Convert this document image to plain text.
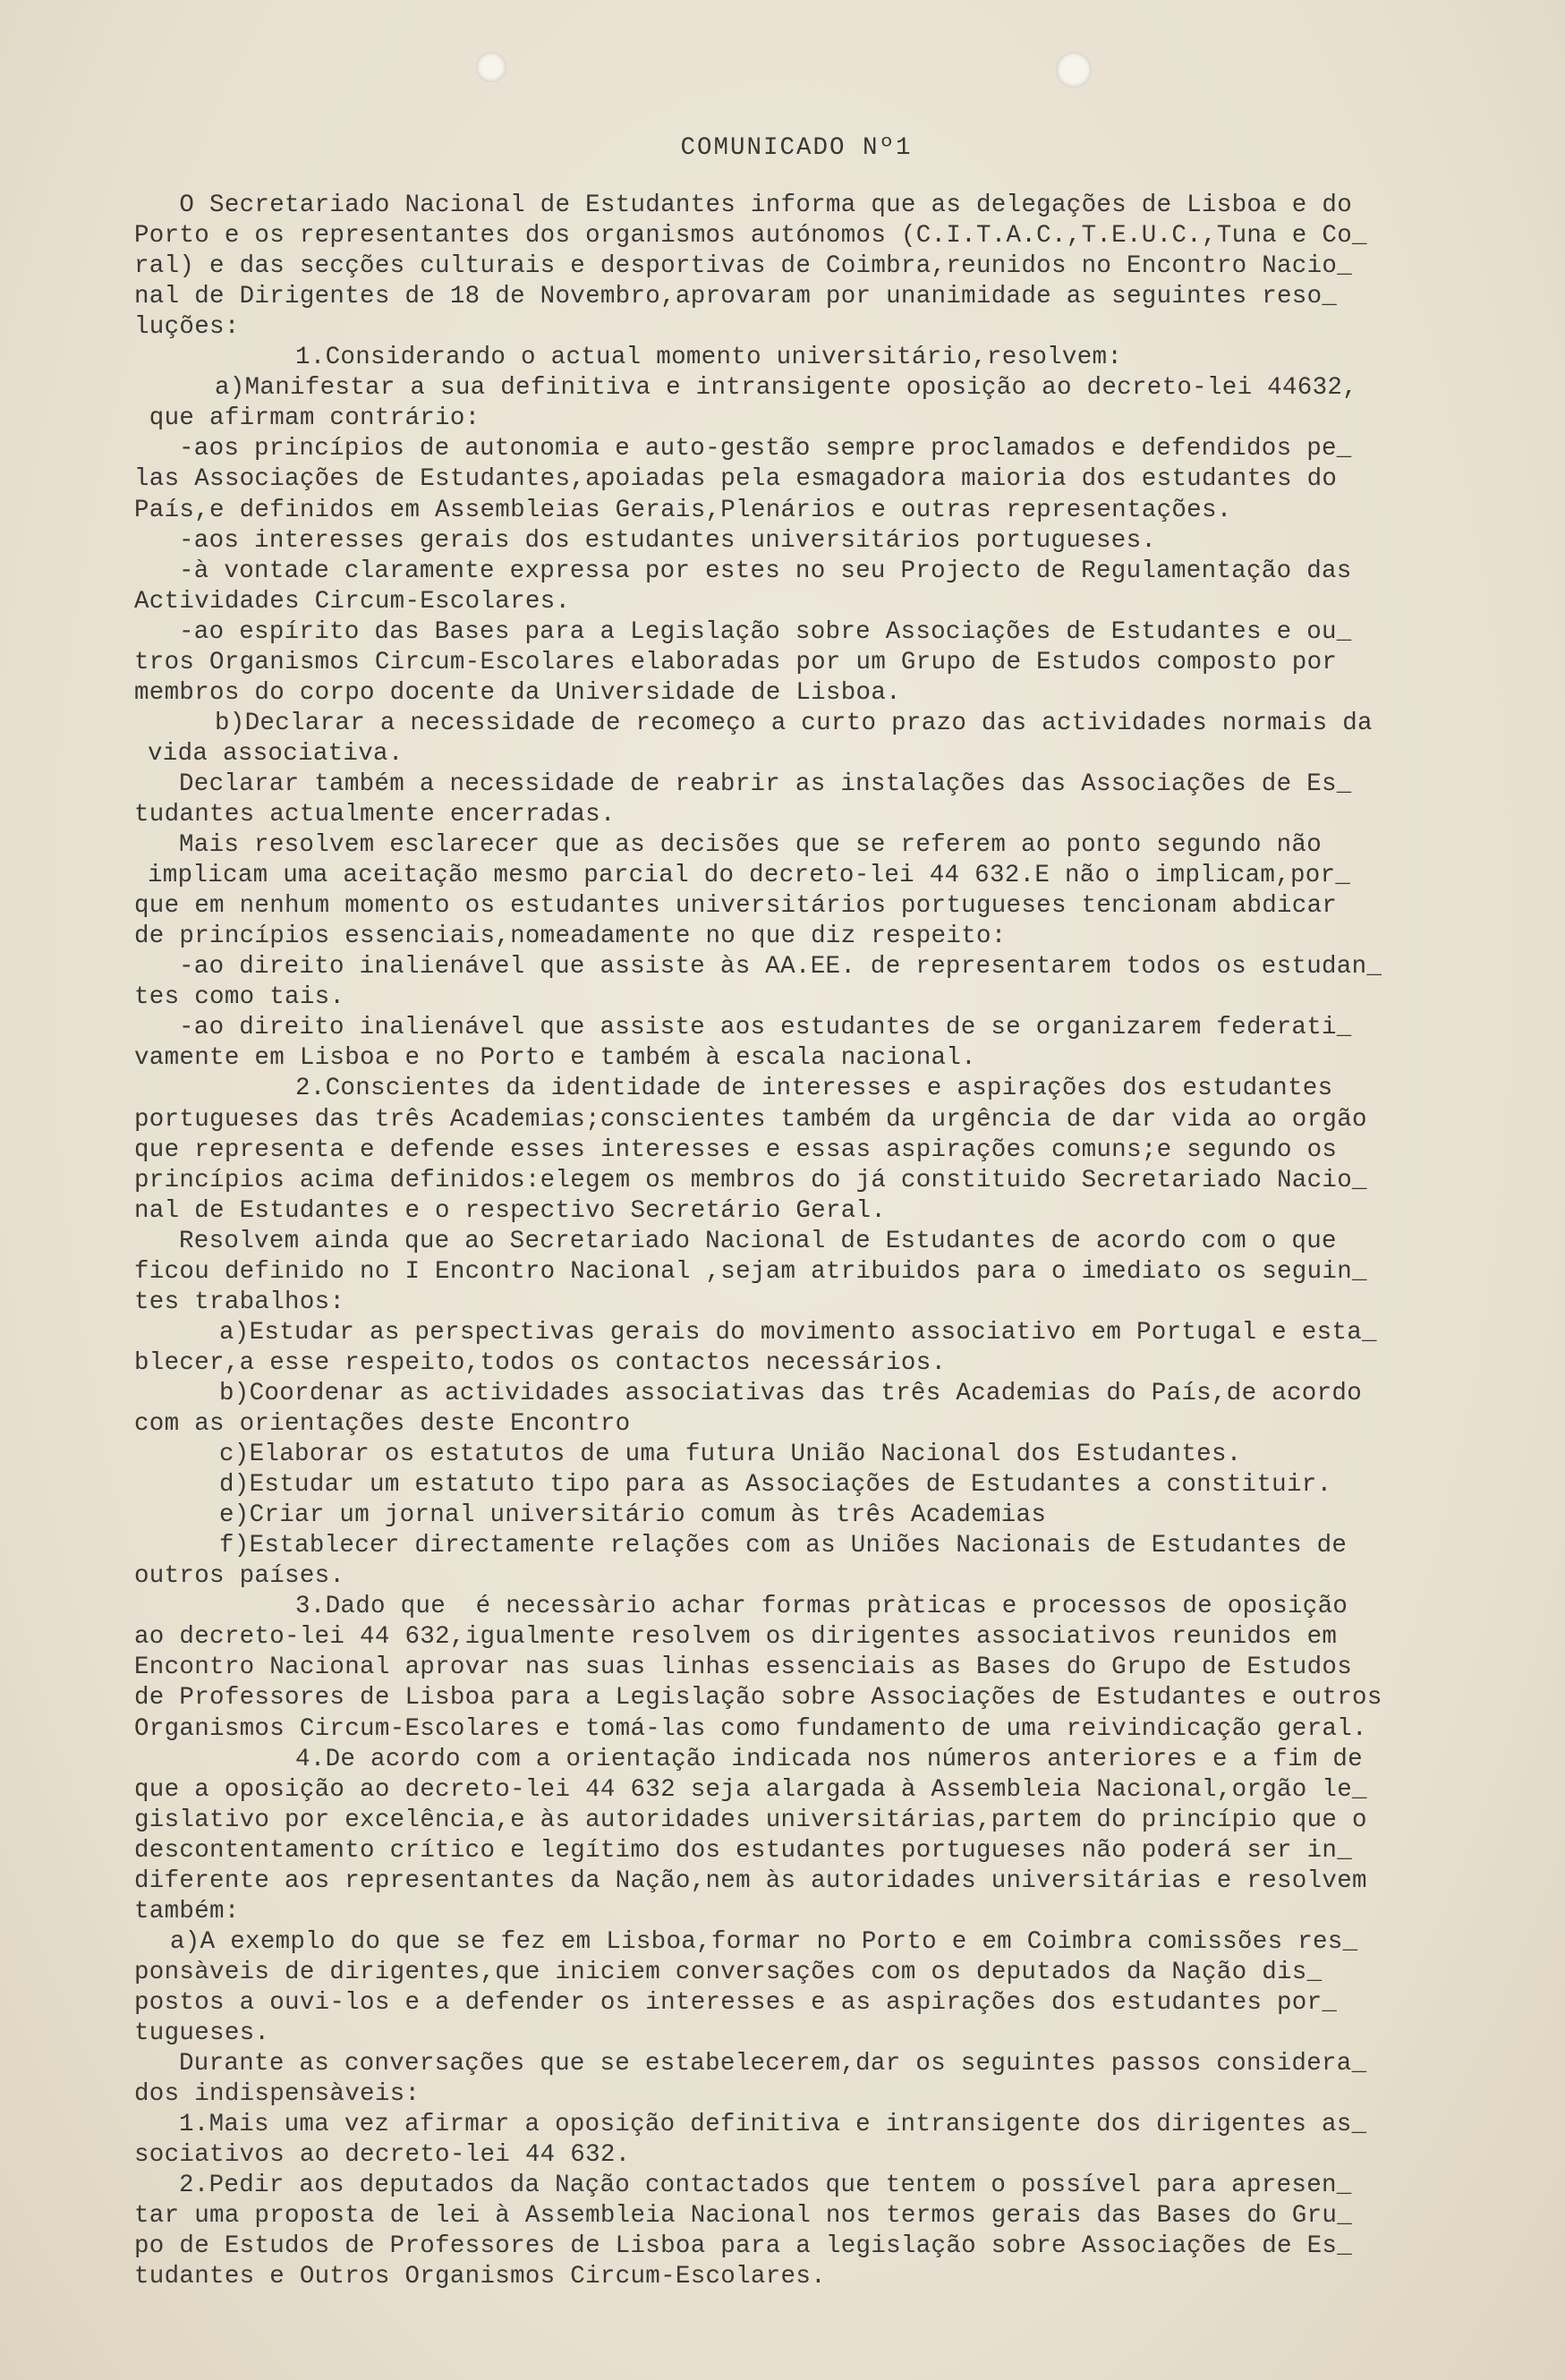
COMUNICADO Nº1
O Secretariado Nacional de Estudantes informa que as delegações de Lisboa e do
Porto e os representantes dos organismos autónomos (C.I.T.A.C.,T.E.U.C.,Tuna e Co_
ral) e das secções culturais e desportivas de Coimbra,reunidos no Encontro Nacio_
nal de Dirigentes de 18 de Novembro,aprovaram por unanimidade as seguintes reso_
luções:
1.Considerando o actual momento universitário,resolvem:
a)Manifestar a sua definitiva e intransigente oposição ao decreto-lei 44632,
que afirmam contrário:
-aos princípios de autonomia e auto-gestão sempre proclamados e defendidos pe_
las Associações de Estudantes,apoiadas pela esmagadora maioria dos estudantes do
País,e definidos em Assembleias Gerais,Plenários e outras representações.
-aos interesses gerais dos estudantes universitários portugueses.
-à vontade claramente expressa por estes no seu Projecto de Regulamentação das
Actividades Circum-Escolares.
-ao espírito das Bases para a Legislação sobre Associações de Estudantes e ou_
tros Organismos Circum-Escolares elaboradas por um Grupo de Estudos composto por
membros do corpo docente da Universidade de Lisboa.
b)Declarar a necessidade de recomeço a curto prazo das actividades normais da
vida associativa.
Declarar também a necessidade de reabrir as instalações das Associações de Es_
tudantes actualmente encerradas.
Mais resolvem esclarecer que as decisões que se referem ao ponto segundo não
implicam uma aceitação mesmo parcial do decreto-lei 44 632.E não o implicam,por_
que em nenhum momento os estudantes universitários portugueses tencionam abdicar
de princípios essenciais,nomeadamente no que diz respeito:
-ao direito inalienável que assiste às AA.EE. de representarem todos os estudan_
tes como tais.
-ao direito inalienável que assiste aos estudantes de se organizarem federati_
vamente em Lisboa e no Porto e também à escala nacional.
2.Conscientes da identidade de interesses e aspirações dos estudantes
portugueses das três Academias;conscientes também da urgência de dar vida ao orgão
que representa e defende esses interesses e essas aspirações comuns;e segundo os
princípios acima definidos:elegem os membros do já constituido Secretariado Nacio_
nal de Estudantes e o respectivo Secretário Geral.
Resolvem ainda que ao Secretariado Nacional de Estudantes de acordo com o que
ficou definido no I Encontro Nacional ,sejam atribuidos para o imediato os seguin_
tes trabalhos:
a)Estudar as perspectivas gerais do movimento associativo em Portugal e esta_
blecer,a esse respeito,todos os contactos necessários.
b)Coordenar as actividades associativas das três Academias do País,de acordo
com as orientações deste Encontro
c)Elaborar os estatutos de uma futura União Nacional dos Estudantes.
d)Estudar um estatuto tipo para as Associações de Estudantes a constituir.
e)Criar um jornal universitário comum às três Academias
f)Establecer directamente relações com as Uniões Nacionais de Estudantes de
outros países.
3.Dado que  é necessàrio achar formas pràticas e processos de oposição
ao decreto-lei 44 632,igualmente resolvem os dirigentes associativos reunidos em
Encontro Nacional aprovar nas suas linhas essenciais as Bases do Grupo de Estudos
de Professores de Lisboa para a Legislação sobre Associações de Estudantes e outros
Organismos Circum-Escolares e tomá-las como fundamento de uma reivindicação geral.
4.De acordo com a orientação indicada nos números anteriores e a fim de
que a oposição ao decreto-lei 44 632 seja alargada à Assembleia Nacional,orgão le_
gislativo por excelência,e às autoridades universitárias,partem do princípio que o
descontentamento crítico e legítimo dos estudantes portugueses não poderá ser in_
diferente aos representantes da Nação,nem às autoridades universitárias e resolvem
também:
a)A exemplo do que se fez em Lisboa,formar no Porto e em Coimbra comissões res_
ponsàveis de dirigentes,que iniciem conversações com os deputados da Nação dis_
postos a ouvi-los e a defender os interesses e as aspirações dos estudantes por_
tugueses.
Durante as conversações que se estabelecerem,dar os seguintes passos considera_
dos indispensàveis:
1.Mais uma vez afirmar a oposição definitiva e intransigente dos dirigentes as_
sociativos ao decreto-lei 44 632.
2.Pedir aos deputados da Nação contactados que tentem o possível para apresen_
tar uma proposta de lei à Assembleia Nacional nos termos gerais das Bases do Gru_
po de Estudos de Professores de Lisboa para a legislação sobre Associações de Es_
tudantes e Outros Organismos Circum-Escolares.
